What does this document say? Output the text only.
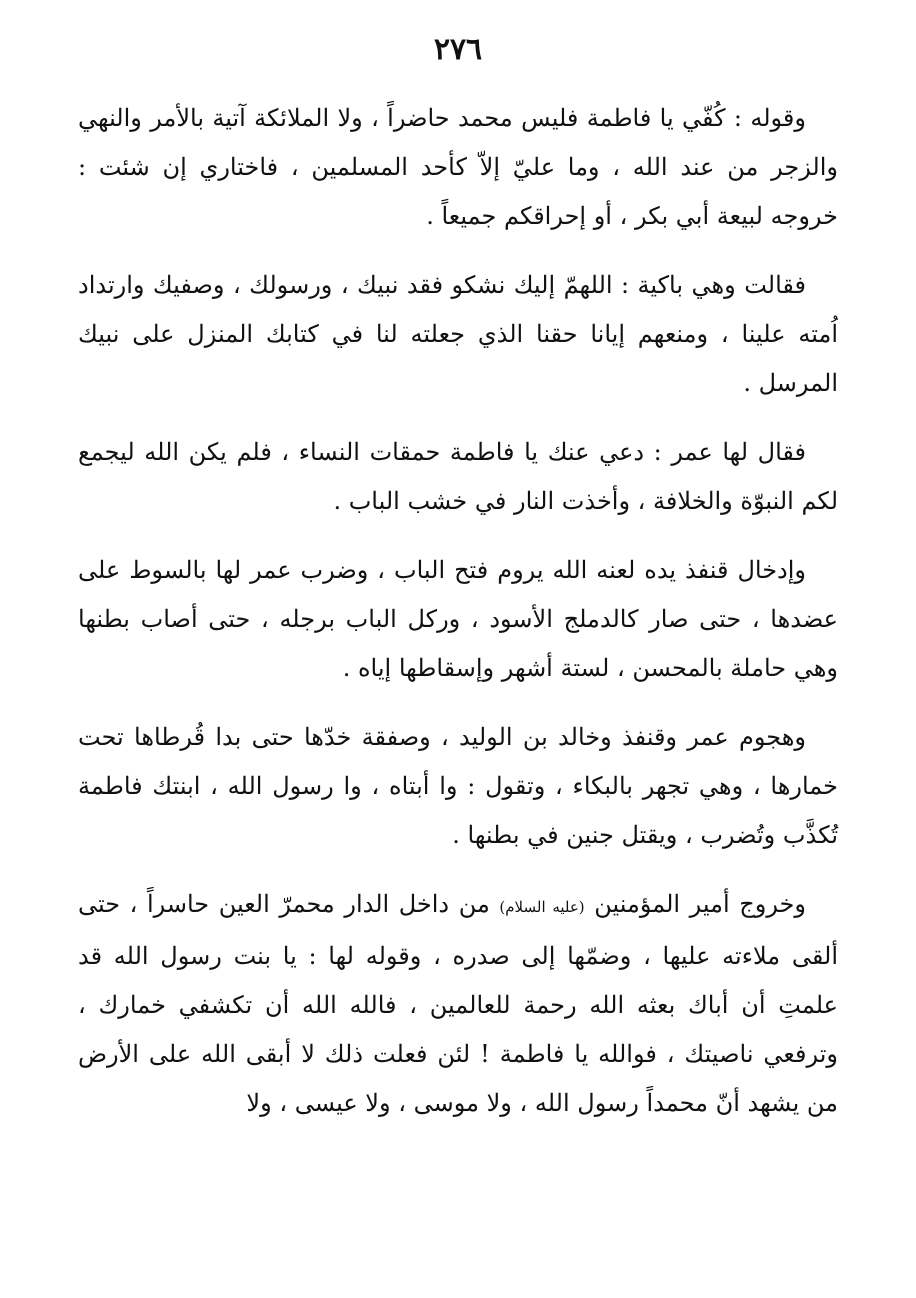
٢٧٦

وقوله : كُفّي يا فاطمة فليس محمد حاضراً ، ولا الملائكة آتية بالأمر والنهي والزجر من عند الله ، وما عليّ إلاّ كأحد المسلمين ، فاختاري إن شئت : خروجه لبيعة أبي بكر ، أو إحراقكم جميعاً .

فقالت وهي باكية : اللهمّ إليك نشكو فقد نبيك ، ورسولك ، وصفيك وارتداد اُمته علينا ، ومنعهم إيانا حقنا الذي جعلته لنا في كتابك المنزل على نبيك المرسل .

فقال لها عمر : دعي عنك يا فاطمة حمقات النساء ، فلم يكن الله ليجمع لكم النبوّة والخلافة ، وأخذت النار في خشب الباب .

وإدخال قنفذ يده لعنه الله يروم فتح الباب ، وضرب عمر لها بالسوط على عضدها ، حتى صار كالدملج الأسود ، وركل الباب برجله ، حتى أصاب بطنها وهي حاملة بالمحسن ، لستة أشهر وإسقاطها إياه .

وهجوم عمر وقنفذ وخالد بن الوليد ، وصفقة خدّها حتى بدا قُرطاها تحت خمارها ، وهي تجهر بالبكاء ، وتقول : وا أبتاه ، وا رسول الله ، ابنتك فاطمة تُكذَّب وتُضرب ، ويقتل جنين في بطنها .

وخروج أمير المؤمنين (عليه السلام) من داخل الدار محمرّ العين حاسراً ، حتى ألقى ملاءته عليها ، وضمّها إلى صدره ، وقوله لها : يا بنت رسول الله قد علمتِ أن أباك بعثه الله رحمة للعالمين ، فالله الله أن تكشفي خمارك ، وترفعي ناصيتك ، فوالله يا فاطمة ! لئن فعلت ذلك لا أبقى الله على الأرض من يشهد أنّ محمداً رسول الله ، ولا موسى ، ولا عيسى ، ولا
